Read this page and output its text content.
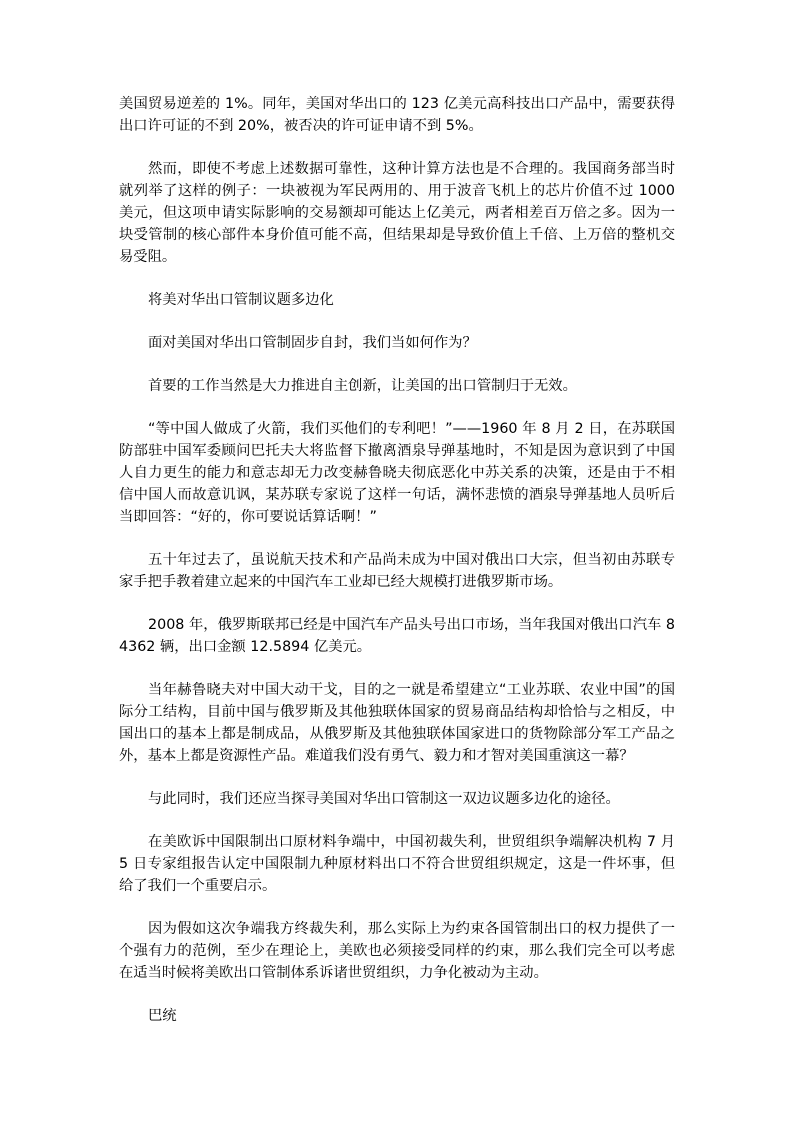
美国贸易逆差的 1%。同年，美国对华出口的 123 亿美元高科技出口产品中，需要获得出口许可证的不到 20%，被否决的许可证申请不到 5%。

然而，即使不考虑上述数据可靠性，这种计算方法也是不合理的。我国商务部当时就列举了这样的例子：一块被视为军民两用的、用于波音飞机上的芯片价值不过 1000 美元，但这项申请实际影响的交易额却可能达上亿美元，两者相差百万倍之多。因为一块受管制的核心部件本身价值可能不高，但结果却是导致价值上千倍、上万倍的整机交易受阻。

将美对华出口管制议题多边化

面对美国对华出口管制固步自封，我们当如何作为？

首要的工作当然是大力推进自主创新，让美国的出口管制归于无效。

“等中国人做成了火箭，我们买他们的专利吧！”——1960 年 8 月 2 日，在苏联国防部驻中国军委顾问巴托夫大将监督下撤离酒泉导弹基地时，不知是因为意识到了中国人自力更生的能力和意志却无力改变赫鲁晓夫彻底恶化中苏关系的决策，还是由于不相信中国人而故意讥讽，某苏联专家说了这样一句话，满怀悲愤的酒泉导弹基地人员听后当即回答：“好的，你可要说话算话啊！”

五十年过去了，虽说航天技术和产品尚未成为中国对俄出口大宗，但当初由苏联专家手把手教着建立起来的中国汽车工业却已经大规模打进俄罗斯市场。

2008 年，俄罗斯联邦已经是中国汽车产品头号出口市场，当年我国对俄出口汽车 84362 辆，出口金额 12.5894 亿美元。

当年赫鲁晓夫对中国大动干戈，目的之一就是希望建立“工业苏联、农业中国”的国际分工结构，目前中国与俄罗斯及其他独联体国家的贸易商品结构却恰恰与之相反，中国出口的基本上都是制成品，从俄罗斯及其他独联体国家进口的货物除部分军工产品之外，基本上都是资源性产品。难道我们没有勇气、毅力和才智对美国重演这一幕？

与此同时，我们还应当探寻美国对华出口管制这一双边议题多边化的途径。

在美欧诉中国限制出口原材料争端中，中国初裁失利，世贸组织争端解决机构 7 月 5 日专家组报告认定中国限制九种原材料出口不符合世贸组织规定，这是一件坏事，但给了我们一个重要启示。

因为假如这次争端我方终裁失利，那么实际上为约束各国管制出口的权力提供了一个强有力的范例，至少在理论上，美欧也必须接受同样的约束，那么我们完全可以考虑在适当时候将美欧出口管制体系诉诸世贸组织，力争化被动为主动。

巴统
